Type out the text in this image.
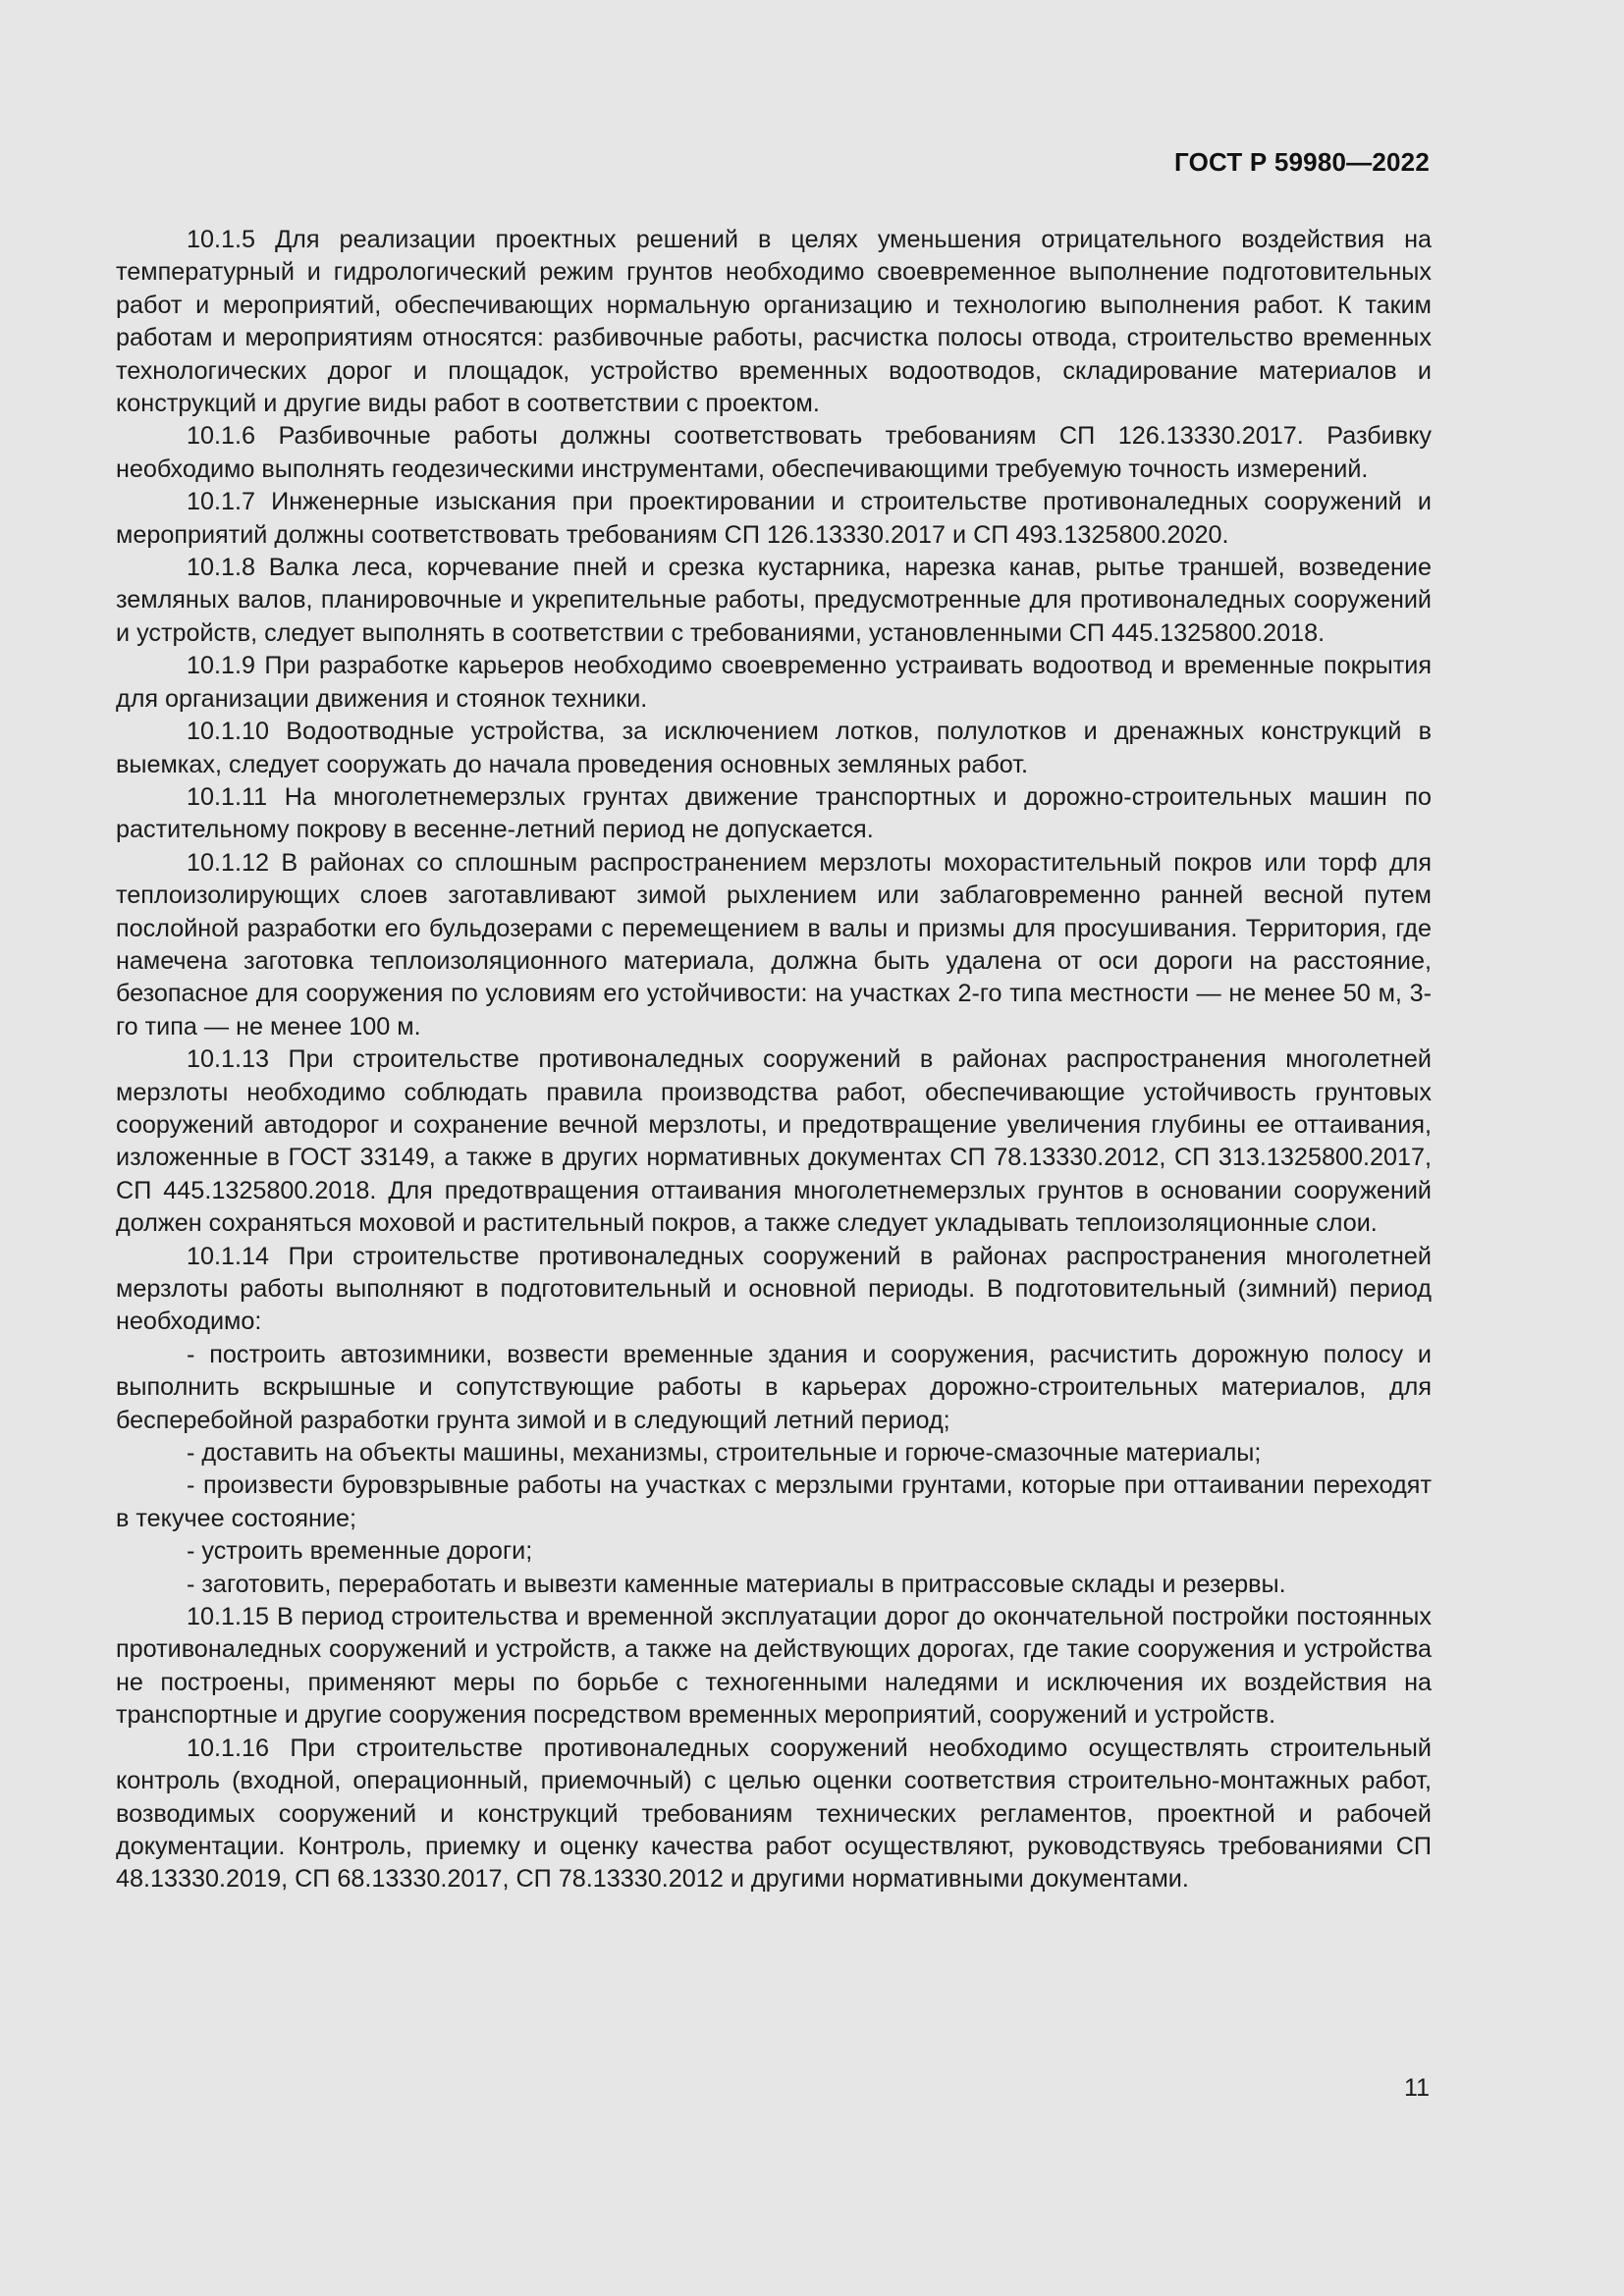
ГОСТ Р 59980—2022

10.1.5 Для реализации проектных решений в целях уменьшения отрицательного воздействия на температурный и гидрологический режим грунтов необходимо своевременное выполнение подготовительных работ и мероприятий, обеспечивающих нормальную организацию и технологию выполнения работ. К таким работам и мероприятиям относятся: разбивочные работы, расчистка полосы отвода, строительство временных технологических дорог и площадок, устройство временных водоотводов, складирование материалов и конструкций и другие виды работ в соответствии с проектом.

10.1.6 Разбивочные работы должны соответствовать требованиям СП 126.13330.2017. Разбивку необходимо выполнять геодезическими инструментами, обеспечивающими требуемую точность измерений.

10.1.7 Инженерные изыскания при проектировании и строительстве противоналедных сооружений и мероприятий должны соответствовать требованиям СП 126.13330.2017 и СП 493.1325800.2020.

10.1.8 Валка леса, корчевание пней и срезка кустарника, нарезка канав, рытье траншей, возведение земляных валов, планировочные и укрепительные работы, предусмотренные для противоналедных сооружений и устройств, следует выполнять в соответствии с требованиями, установленными СП 445.1325800.2018.

10.1.9 При разработке карьеров необходимо своевременно устраивать водоотвод и временные покрытия для организации движения и стоянок техники.

10.1.10 Водоотводные устройства, за исключением лотков, полулотков и дренажных конструкций в выемках, следует сооружать до начала проведения основных земляных работ.

10.1.11 На многолетнемерзлых грунтах движение транспортных и дорожно-строительных машин по растительному покрову в весенне-летний период не допускается.

10.1.12 В районах со сплошным распространением мерзлоты мохорастительный покров или торф для теплоизолирующих слоев заготавливают зимой рыхлением или заблаговременно ранней весной путем послойной разработки его бульдозерами с перемещением в валы и призмы для просушивания. Территория, где намечена заготовка теплоизоляционного материала, должна быть удалена от оси дороги на расстояние, безопасное для сооружения по условиям его устойчивости: на участках 2-го типа местности — не менее 50 м, 3-го типа — не менее 100 м.

10.1.13 При строительстве противоналедных сооружений в районах распространения многолетней мерзлоты необходимо соблюдать правила производства работ, обеспечивающие устойчивость грунтовых сооружений автодорог и сохранение вечной мерзлоты, и предотвращение увеличения глубины ее оттаивания, изложенные в ГОСТ 33149, а также в других нормативных документах СП 78.13330.2012, СП 313.1325800.2017, СП 445.1325800.2018. Для предотвращения оттаивания многолетнемерзлых грунтов в основании сооружений должен сохраняться моховой и растительный покров, а также следует укладывать теплоизоляционные слои.

10.1.14 При строительстве противоналедных сооружений в районах распространения многолетней мерзлоты работы выполняют в подготовительный и основной периоды. В подготовительный (зимний) период необходимо:

- построить автозимники, возвести временные здания и сооружения, расчистить дорожную полосу и выполнить вскрышные и сопутствующие работы в карьерах дорожно-строительных материалов, для бесперебойной разработки грунта зимой и в следующий летний период;

- доставить на объекты машины, механизмы, строительные и горюче-смазочные материалы;

- произвести буровзрывные работы на участках с мерзлыми грунтами, которые при оттаивании переходят в текучее состояние;

- устроить временные дороги;

- заготовить, переработать и вывезти каменные материалы в притрассовые склады и резервы.

10.1.15 В период строительства и временной эксплуатации дорог до окончательной постройки постоянных противоналедных сооружений и устройств, а также на действующих дорогах, где такие сооружения и устройства не построены, применяют меры по борьбе с техногенными наледями и исключения их воздействия на транспортные и другие сооружения посредством временных мероприятий, сооружений и устройств.

10.1.16 При строительстве противоналедных сооружений необходимо осуществлять строительный контроль (входной, операционный, приемочный) с целью оценки соответствия строительно-монтажных работ, возводимых сооружений и конструкций требованиям технических регламентов, проектной и рабочей документации. Контроль, приемку и оценку качества работ осуществляют, руководствуясь требованиями СП 48.13330.2019, СП 68.13330.2017, СП 78.13330.2012 и другими нормативными документами.

11
